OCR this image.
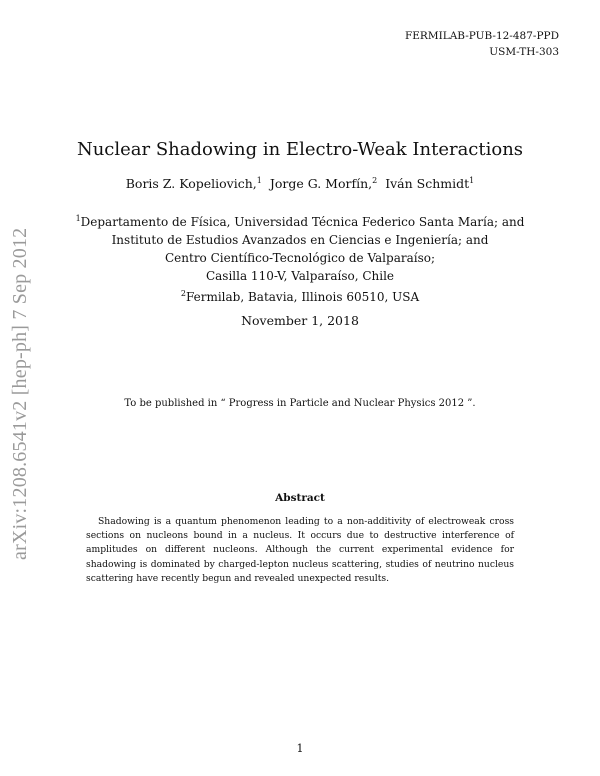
FERMILAB-PUB-12-487-PPD
USM-TH-303
arXiv:1208.6541v2 [hep-ph] 7 Sep 2012
Nuclear Shadowing in Electro-Weak Interactions
Boris Z. Kopeliovich,$^1$ Jorge G. Morfín,$^2$ Iván Schmidt$^1$
$^1$Departamento de Física, Universidad Técnica Federico Santa María; and
Instituto de Estudios Avanzados en Ciencias e Ingeniería; and
Centro Científico-Tecnológico de Valparaíso;
Casilla 110-V, Valparaíso, Chile
$^2$Fermilab, Batavia, Illinois 60510, USA
November 1, 2018
To be published in “ Progress in Particle and Nuclear Physics 2012 ”.
Abstract

Shadowing is a quantum phenomenon leading to a non-additivity of electroweak cross sections on nucleons bound in a nucleus. It occurs due to destructive interference of amplitudes on different nucleons. Although the current experimental evidence for shadowing is dominated by charged-lepton nucleus scattering, studies of neutrino nucleus scattering have recently begun and revealed unexpected results.

1
